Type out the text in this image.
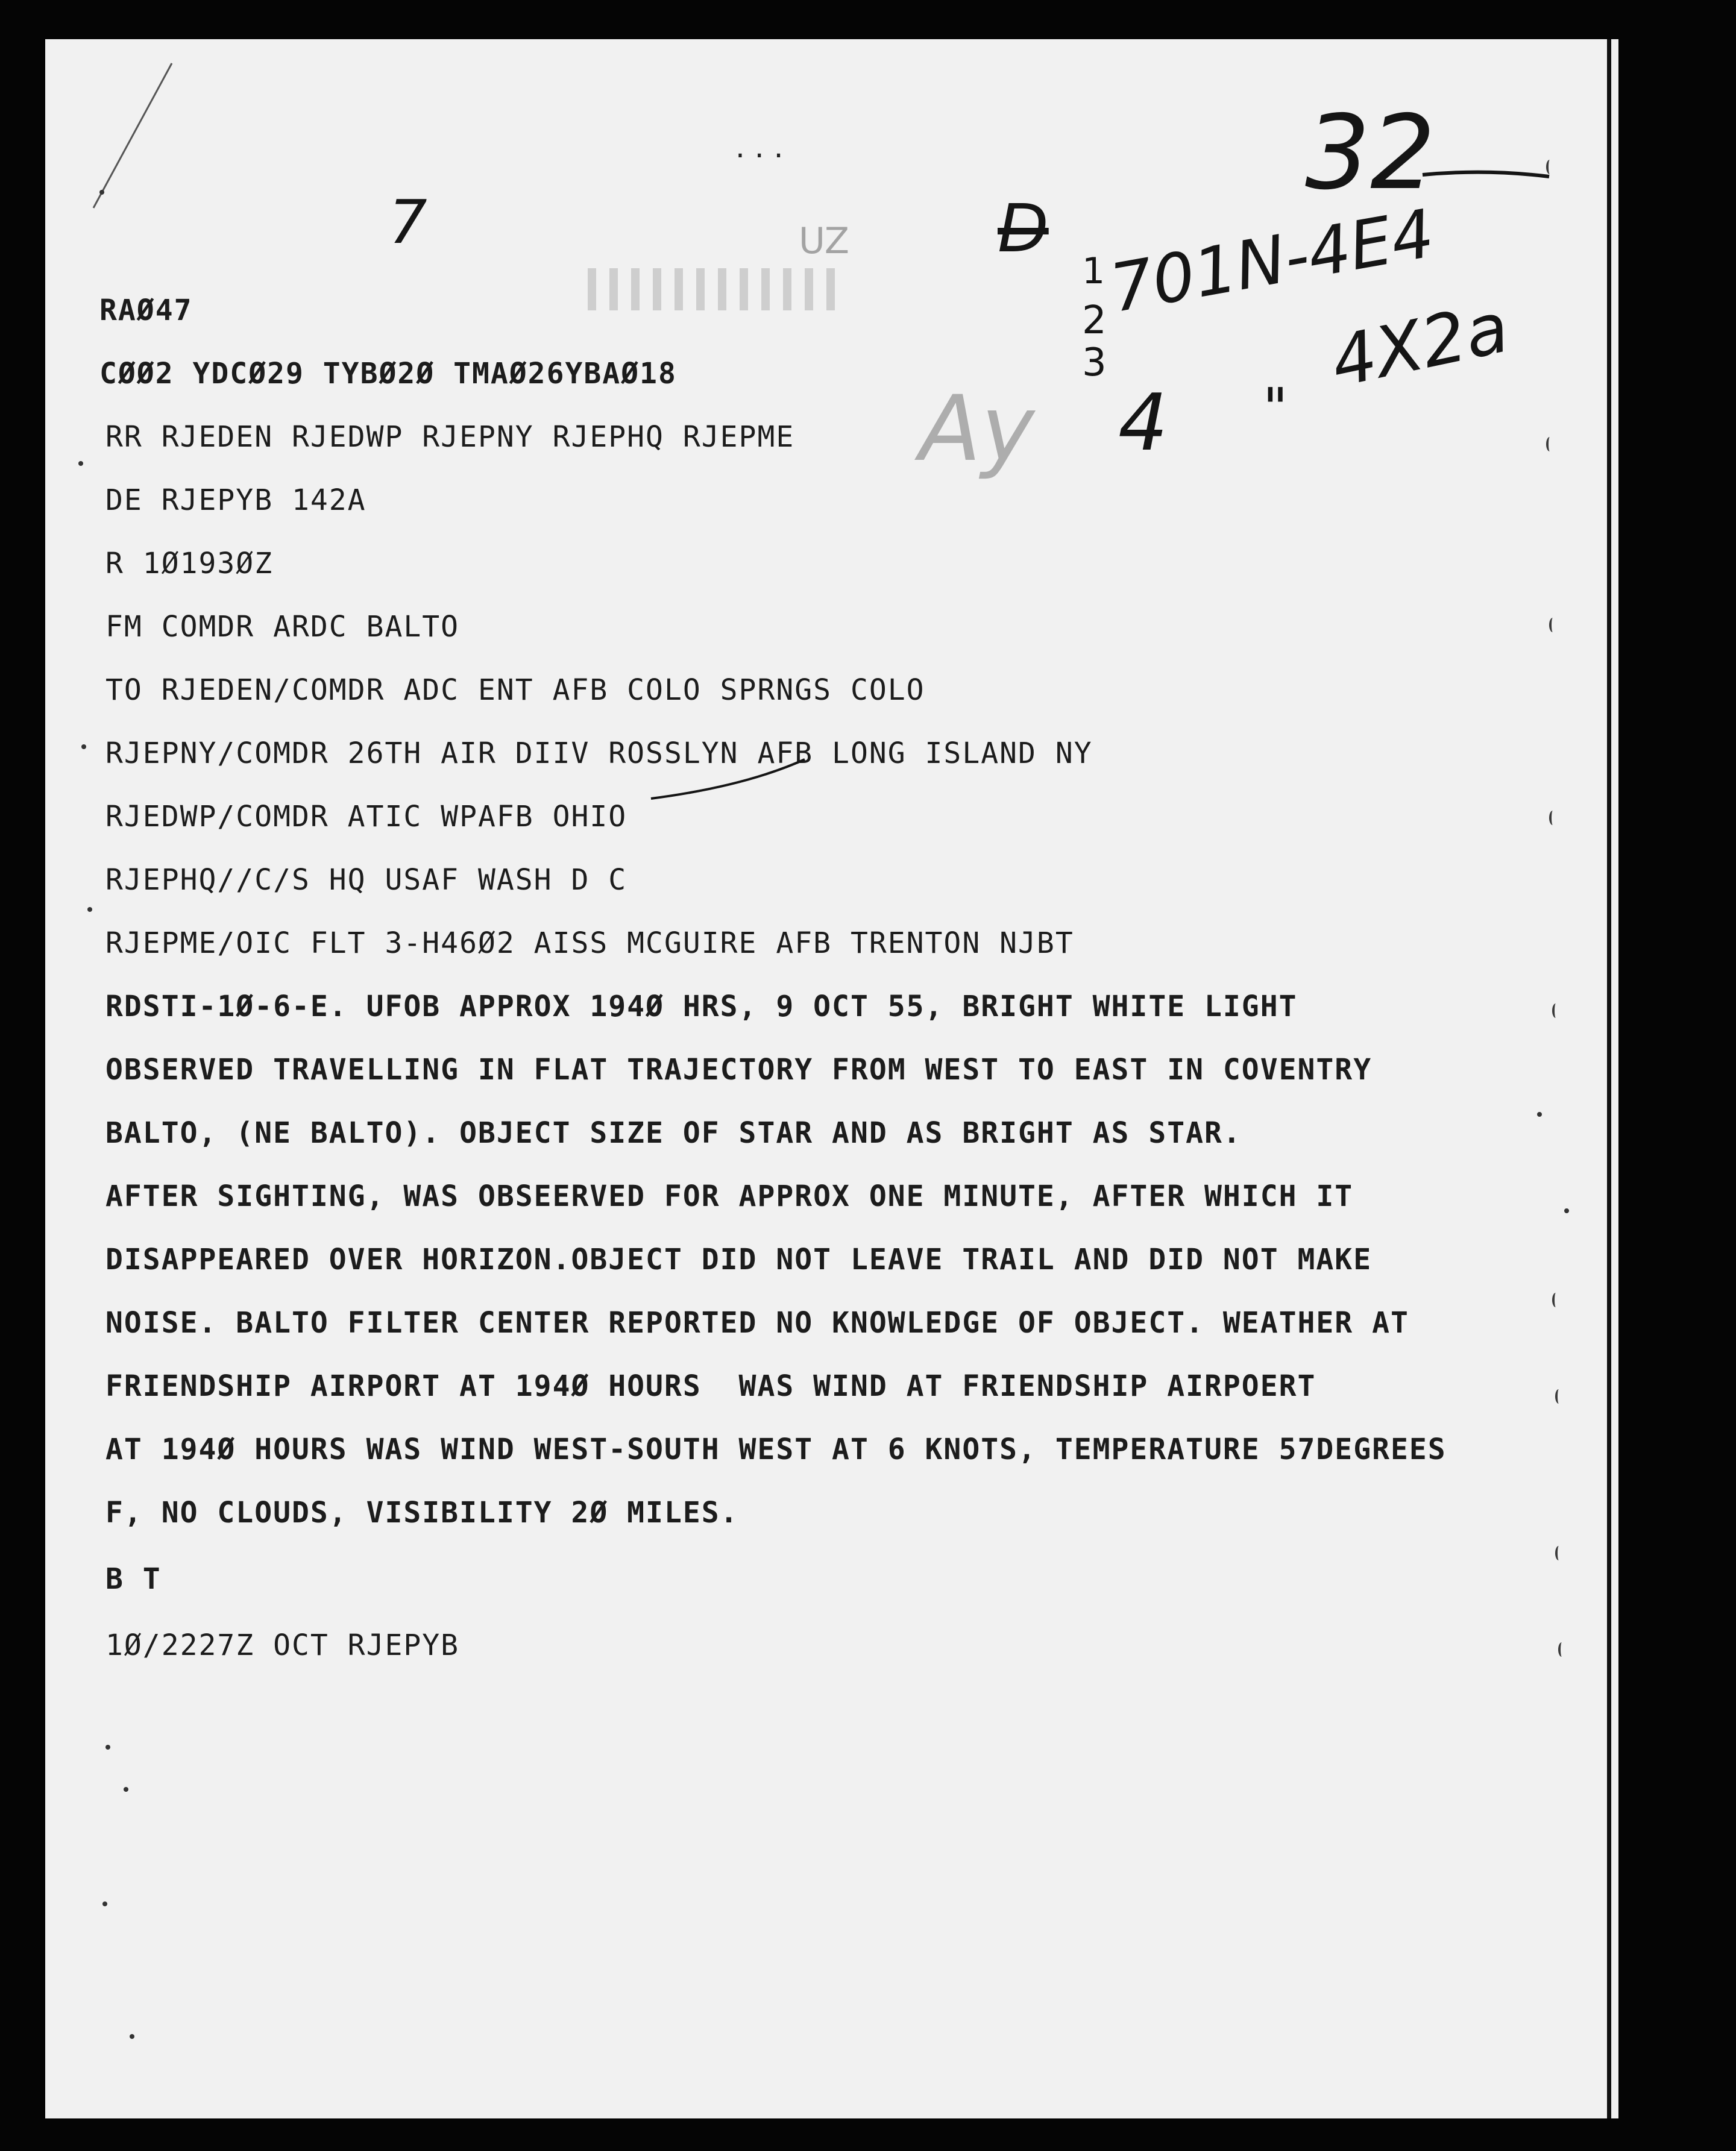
UZ
RAØ47
CØØ2 YDCØ29 TYBØ2Ø TMAØ26YBAØ18
RR RJEDEN RJEDWP RJEPNY RJEPHQ RJEPME
DE RJEPYB 142A
R 1Ø193ØZ
FM COMDR ARDC BALTO
TO RJEDEN/COMDR ADC ENT AFB COLO SPRNGS COLO
RJEPNY/COMDR 26TH AIR DIIV ROSSLYN AFB LONG ISLAND NY
RJEDWP/COMDR ATIC WPAFB OHIO
RJEPHQ//C/S HQ USAF WASH D C
RJEPME/OIC FLT 3-H46Ø2 AISS MCGUIRE AFB TRENTON NJBT
RDSTI-1Ø-6-E. UFOB APPROX 194Ø HRS, 9 OCT 55, BRIGHT WHITE LIGHT
OBSERVED TRAVELLING IN FLAT TRAJECTORY FROM WEST TO EAST IN COVENTRY
BALTO, (NE BALTO). OBJECT SIZE OF STAR AND AS BRIGHT AS STAR.
AFTER SIGHTING, WAS OBSEERVED FOR APPROX ONE MINUTE, AFTER WHICH IT
DISAPPEARED OVER HORIZON.OBJECT DID NOT LEAVE TRAIL AND DID NOT MAKE
NOISE. BALTO FILTER CENTER REPORTED NO KNOWLEDGE OF OBJECT. WEATHER AT
FRIENDSHIP AIRPORT AT 194Ø HOURS  WAS WIND AT FRIENDSHIP AIRPOERT
AT 194Ø HOURS WAS WIND WEST-SOUTH WEST AT 6 KNOTS, TEMPERATURE 57DEGREES
F, NO CLOUDS, VISIBILITY 2Ø MILES.
B T
1Ø/2227Z OCT RJEPYB
32
D
1
2
3
701N-4E4
4 "
4X2a
7
Ay
. . .
